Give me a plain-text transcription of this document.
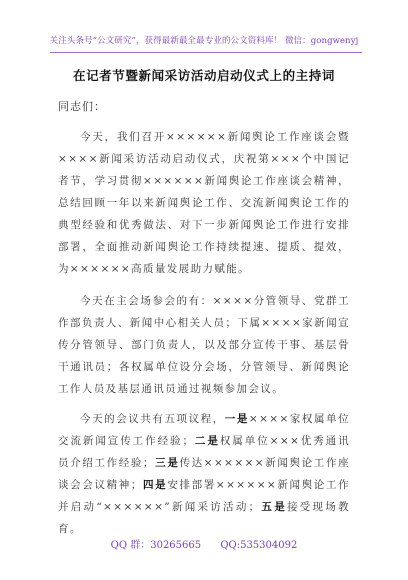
关注头条号“公文研究”，获得最新最全最专业的公文资料库！ 微信：gongwenyj
在记者节暨新闻采访活动启动仪式上的主持词
同志们：

今天，我们召开××××××新闻舆论工作座谈会暨××××新闻采访活动启动仪式，庆祝第×××个中国记者节，学习贯彻××××××新闻舆论工作座谈会精神，总结回顾一年以来新闻舆论工作、交流新闻舆论工作的典型经验和优秀做法、对下一步新闻舆论工作进行安排部署，全面推动新闻舆论工作持续提速、提质、提效，为××××××高质量发展助力赋能。

今天在主会场参会的有：××××分管领导、党群工作部负责人、新闻中心相关人员；下属××××家新闻宣传分管领导、部门负责人，以及部分宣传干事、基层骨干通讯员；各权属单位设分会场，分管领导、新闻舆论工作人员及基层通讯员通过视频参加会议。

今天的会议共有五项议程，一是××××家权属单位交流新闻宣传工作经验；二是权属单位×××优秀通讯员介绍工作经验；三是传达××××××新闻舆论工作座谈会会议精神；四是安排部署××××××新闻舆论工作并启动“××××××”新闻采访活动；五是接受现场教育。

QQ 群：30265665 QQ:535304092
